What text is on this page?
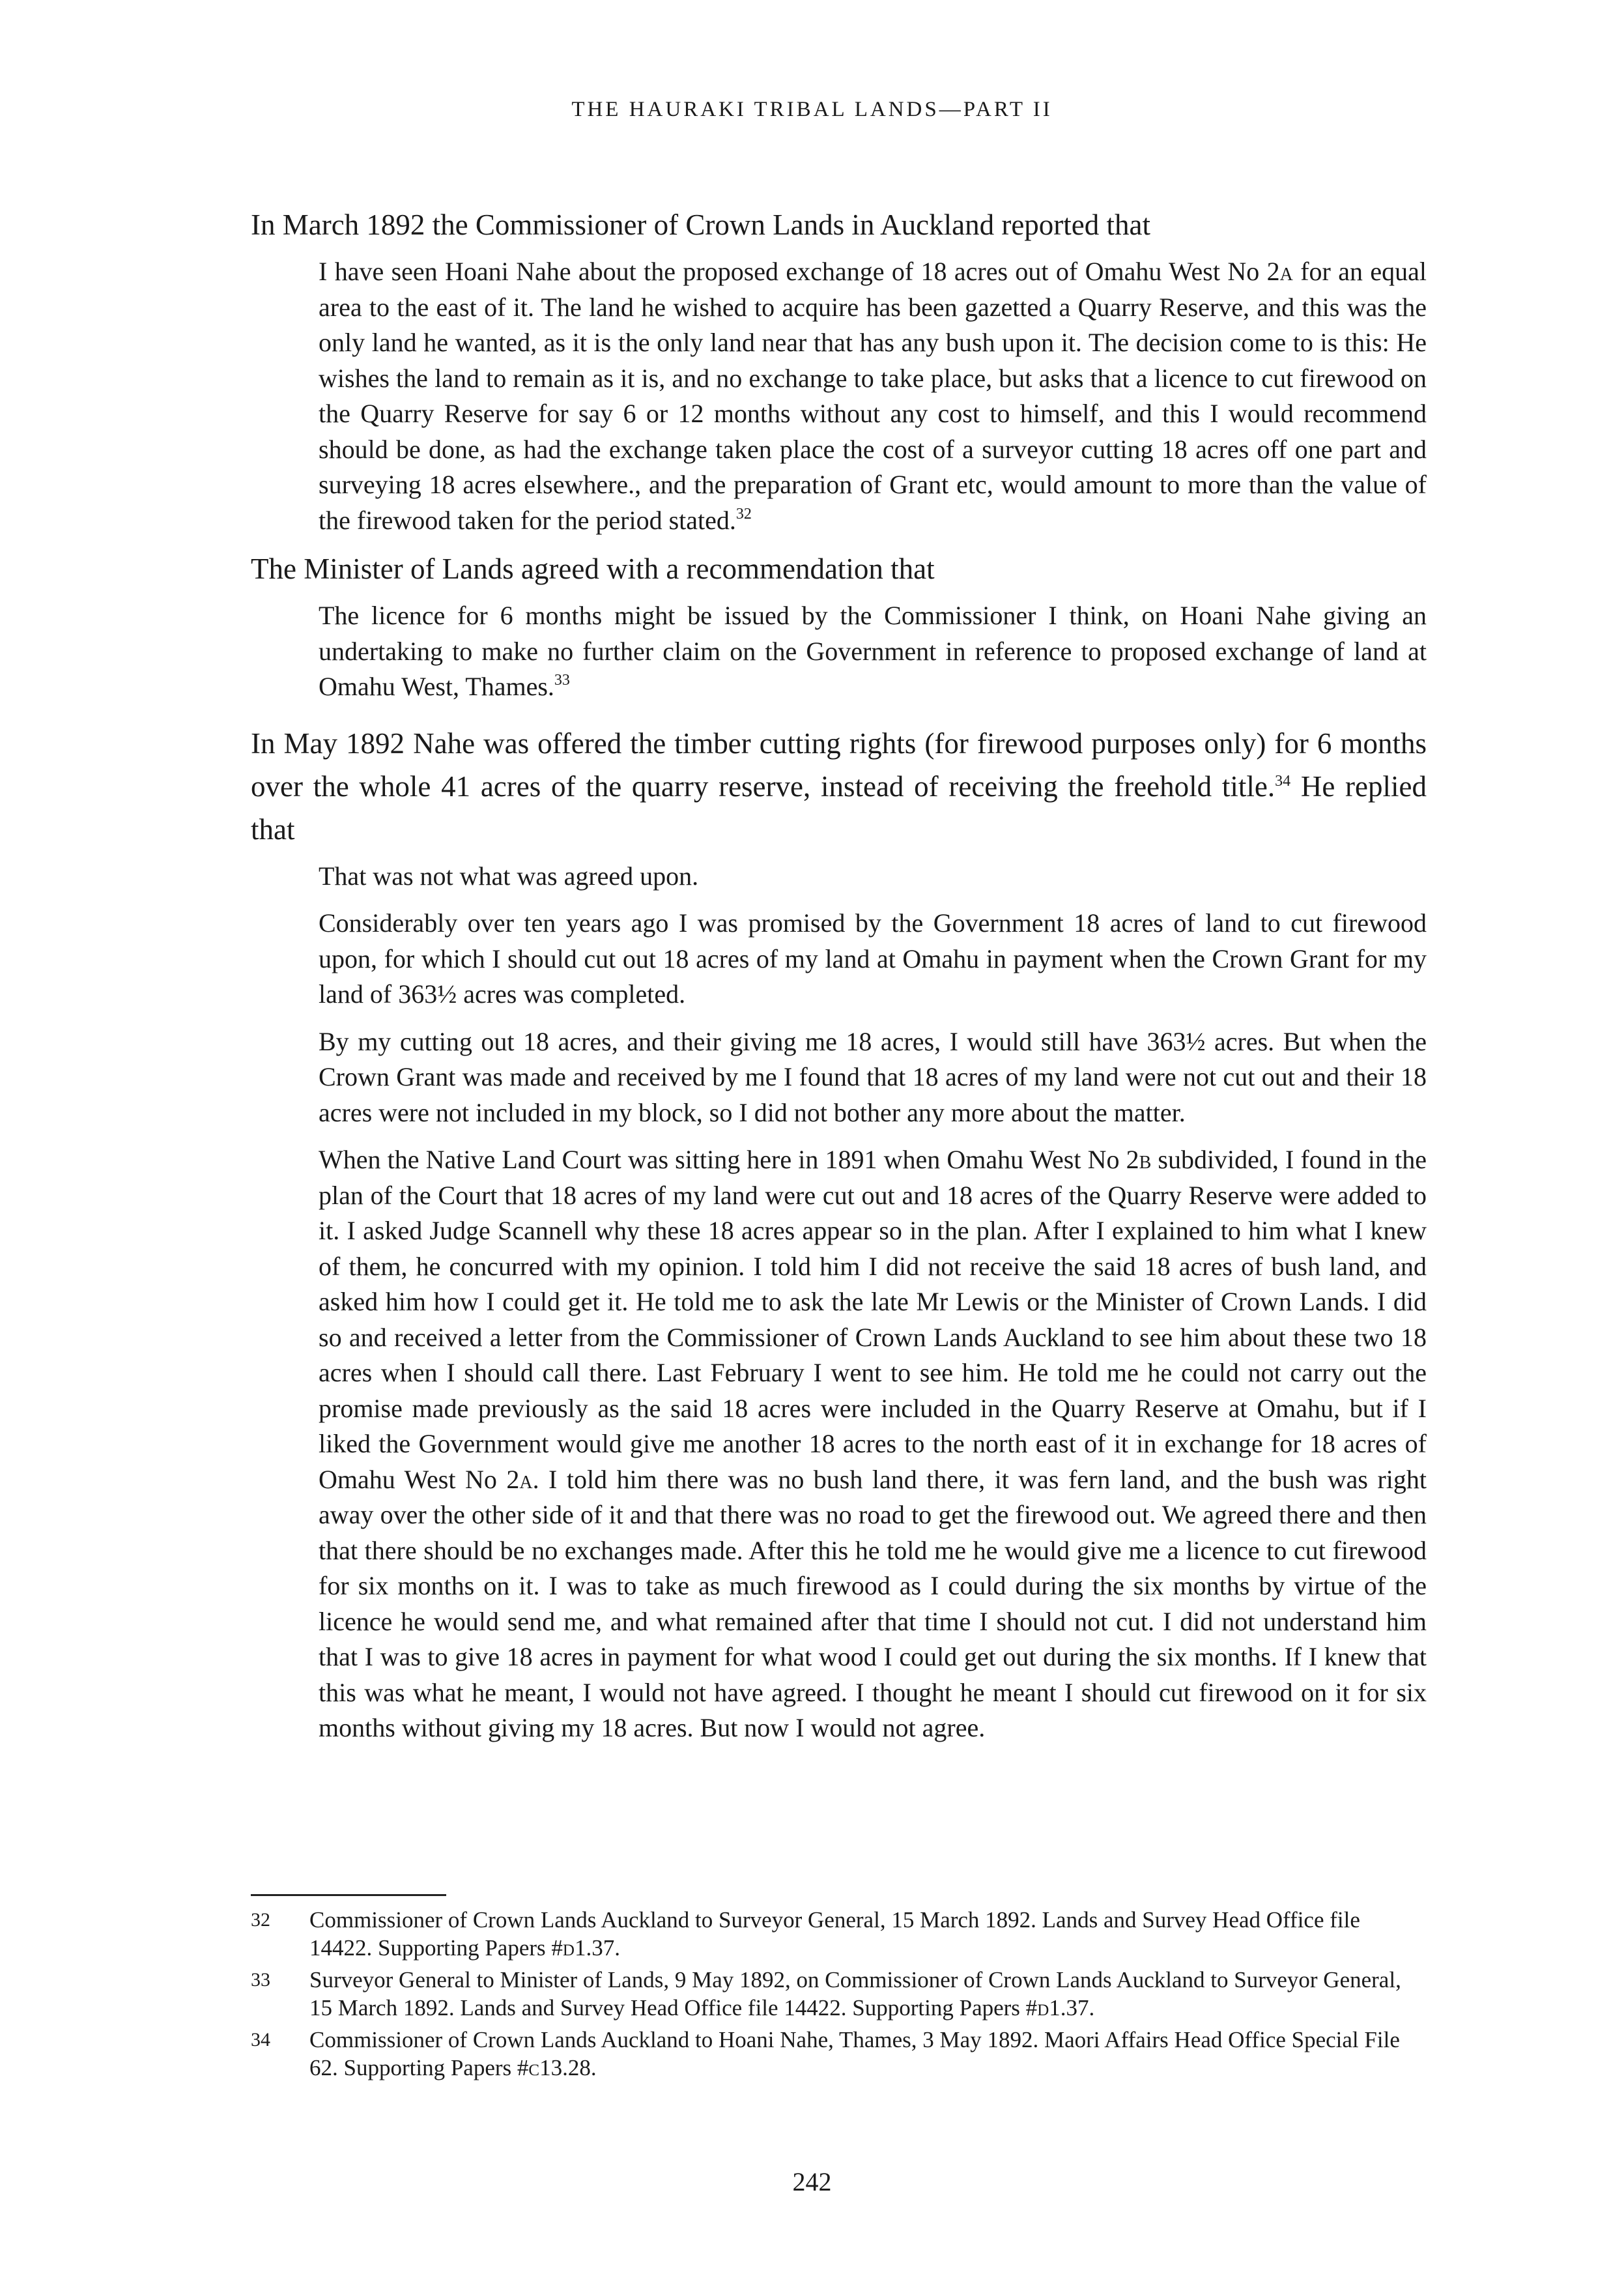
THE HAURAKI TRIBAL LANDS—PART II

In March 1892 the Commissioner of Crown Lands in Auckland reported that

I have seen Hoani Nahe about the proposed exchange of 18 acres out of Omahu West No 2a for an equal area to the east of it. The land he wished to acquire has been gazetted a Quarry Reserve, and this was the only land he wanted, as it is the only land near that has any bush upon it. The decision come to is this: He wishes the land to remain as it is, and no exchange to take place, but asks that a licence to cut firewood on the Quarry Reserve for say 6 or 12 months without any cost to himself, and this I would recommend should be done, as had the exchange taken place the cost of a surveyor cutting 18 acres off one part and surveying 18 acres elsewhere., and the preparation of Grant etc, would amount to more than the value of the firewood taken for the period stated.$^{32}$

The Minister of Lands agreed with a recommendation that

The licence for 6 months might be issued by the Commissioner I think, on Hoani Nahe giving an undertaking to make no further claim on the Government in reference to proposed exchange of land at Omahu West, Thames.$^{33}$

In May 1892 Nahe was offered the timber cutting rights (for firewood purposes only) for 6 months over the whole 41 acres of the quarry reserve, instead of receiving the freehold title.$^{34}$ He replied that

That was not what was agreed upon.

Considerably over ten years ago I was promised by the Government 18 acres of land to cut firewood upon, for which I should cut out 18 acres of my land at Omahu in payment when the Crown Grant for my land of 363½ acres was completed.

By my cutting out 18 acres, and their giving me 18 acres, I would still have 363½ acres. But when the Crown Grant was made and received by me I found that 18 acres of my land were not cut out and their 18 acres were not included in my block, so I did not bother any more about the matter.

When the Native Land Court was sitting here in 1891 when Omahu West No 2b subdivided, I found in the plan of the Court that 18 acres of my land were cut out and 18 acres of the Quarry Reserve were added to it. I asked Judge Scannell why these 18 acres appear so in the plan. After I explained to him what I knew of them, he concurred with my opinion. I told him I did not receive the said 18 acres of bush land, and asked him how I could get it. He told me to ask the late Mr Lewis or the Minister of Crown Lands. I did so and received a letter from the Commissioner of Crown Lands Auckland to see him about these two 18 acres when I should call there. Last February I went to see him. He told me he could not carry out the promise made previously as the said 18 acres were included in the Quarry Reserve at Omahu, but if I liked the Government would give me another 18 acres to the north east of it in exchange for 18 acres of Omahu West No 2a. I told him there was no bush land there, it was fern land, and the bush was right away over the other side of it and that there was no road to get the firewood out. We agreed there and then that there should be no exchanges made. After this he told me he would give me a licence to cut firewood for six months on it. I was to take as much firewood as I could during the six months by virtue of the licence he would send me, and what remained after that time I should not cut. I did not understand him that I was to give 18 acres in payment for what wood I could get out during the six months. If I knew that this was what he meant, I would not have agreed. I thought he meant I should cut firewood on it for six months without giving my 18 acres. But now I would not agree.

32	Commissioner of Crown Lands Auckland to Surveyor General, 15 March 1892. Lands and Survey Head Office file 14422. Supporting Papers #d1.37.
33	Surveyor General to Minister of Lands, 9 May 1892, on Commissioner of Crown Lands Auckland to Surveyor General, 15 March 1892. Lands and Survey Head Office file 14422. Supporting Papers #d1.37.
34	Commissioner of Crown Lands Auckland to Hoani Nahe, Thames, 3 May 1892. Maori Affairs Head Office Special File 62. Supporting Papers #c13.28.
242
